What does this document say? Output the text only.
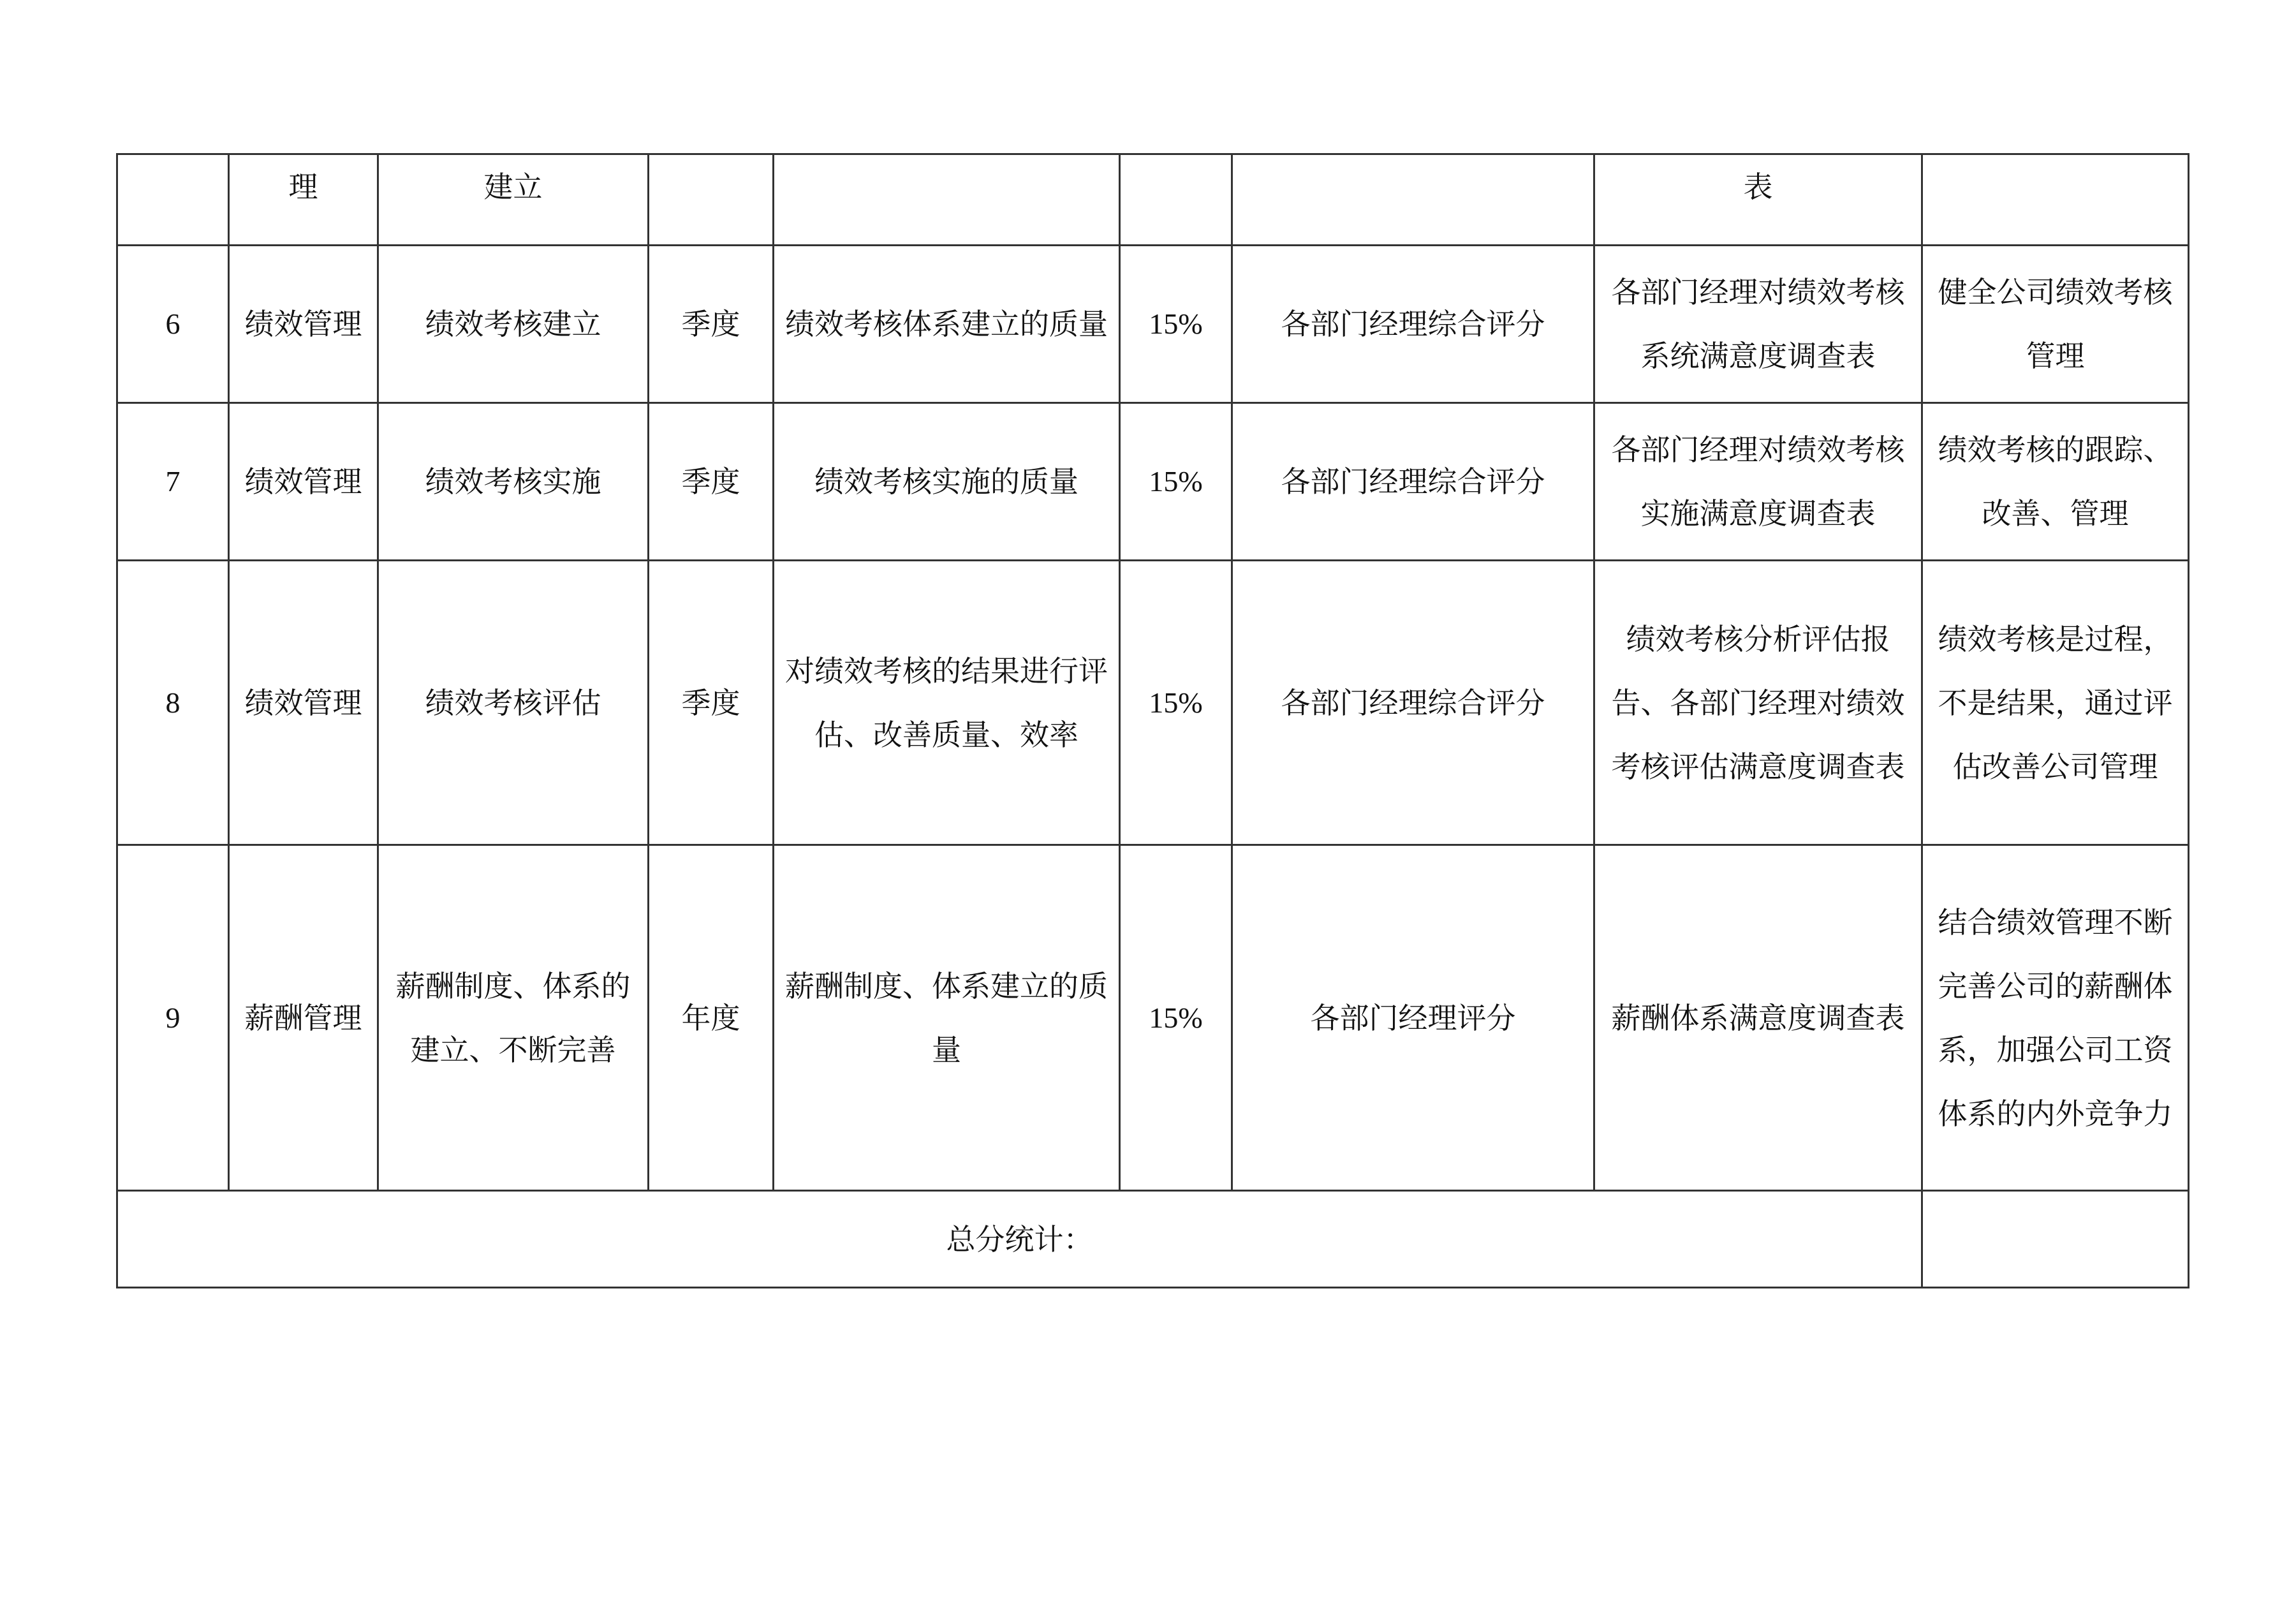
	理	建立					表	
6	绩效管理	绩效考核建立	季度	绩效考核体系建立的质量	15%	各部门经理综合评分	各部门经理对绩效考核系统满意度调查表	健全公司绩效考核管理
7	绩效管理	绩效考核实施	季度	绩效考核实施的质量	15%	各部门经理综合评分	各部门经理对绩效考核实施满意度调查表	绩效考核的跟踪、改善、管理
8	绩效管理	绩效考核评估	季度	对绩效考核的结果进行评估、改善质量、效率	15%	各部门经理综合评分	绩效考核分析评估报告、各部门经理对绩效考核评估满意度调查表	绩效考核是过程，不是结果，通过评估改善公司管理
9	薪酬管理	薪酬制度、体系的建立、不断完善	年度	薪酬制度、体系建立的质量	15%	各部门经理评分	薪酬体系满意度调查表	结合绩效管理不断完善公司的薪酬体系，加强公司工资体系的内外竞争力
总分统计：								
